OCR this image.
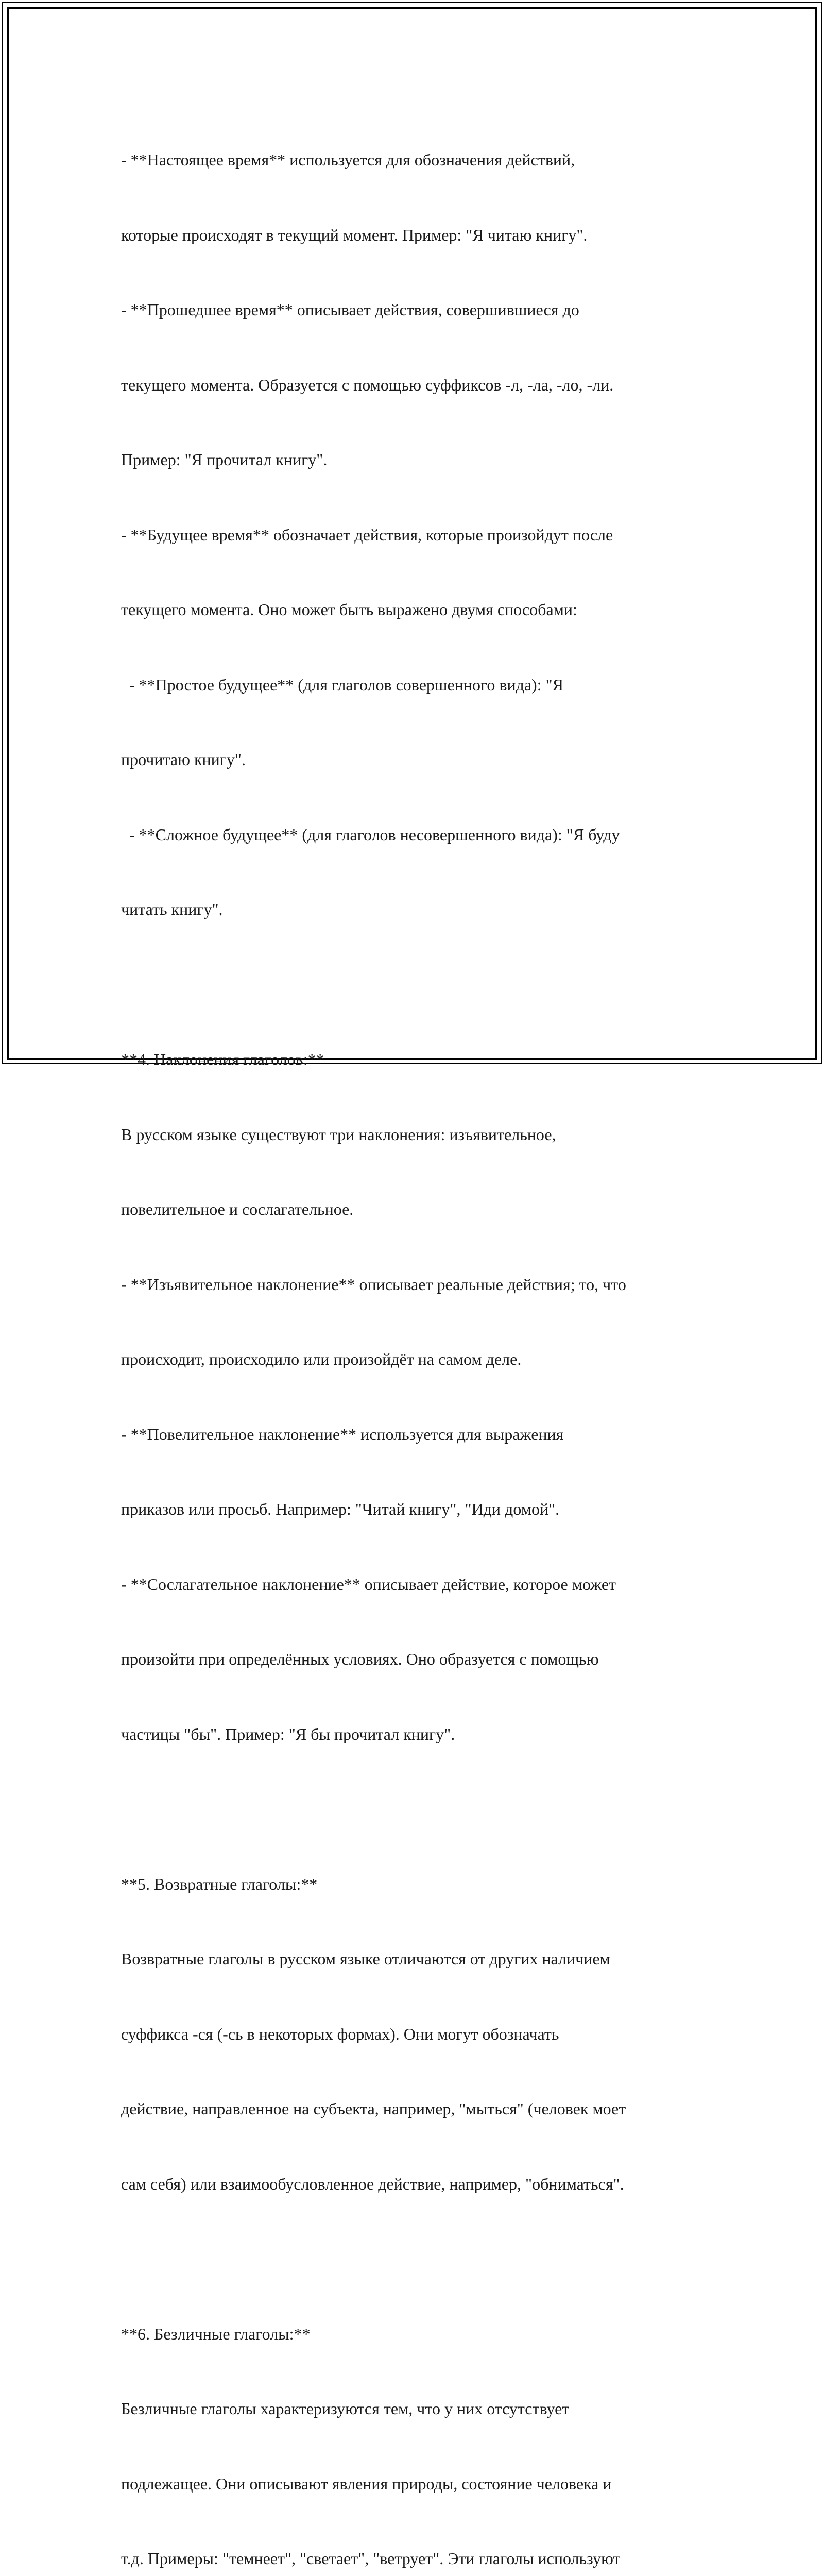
- **Настоящее время** используется для обозначения действий,

которые происходят в текущий момент. Пример: "Я читаю книгу".

- **Прошедшее время** описывает действия, совершившиеся до

текущего момента. Образуется с помощью суффиксов -л, -ла, -ло, -ли.

Пример: "Я прочитал книгу".

- **Будущее время** обозначает действия, которые произойдут после

текущего момента. Оно может быть выражено двумя способами:

- **Простое будущее** (для глаголов совершенного вида): "Я

прочитаю книгу".

- **Сложное будущее** (для глаголов несовершенного вида): "Я буду

читать книгу".

**4. Наклонения глаголов:**

В русском языке существуют три наклонения: изъявительное,

повелительное и сослагательное.

- **Изъявительное наклонение** описывает реальные действия; то, что

происходит, происходило или произойдёт на самом деле.

- **Повелительное наклонение** используется для выражения

приказов или просьб. Например: "Читай книгу", "Иди домой".

- **Сослагательное наклонение** описывает действие, которое может

произойти при определённых условиях. Оно образуется с помощью

частицы "бы". Пример: "Я бы прочитал книгу".

**5. Возвратные глаголы:**

Возвратные глаголы в русском языке отличаются от других наличием

суффикса -ся (-сь в некоторых формах). Они могут обозначать

действие, направленное на субъекта, например, "мыться" (человек моет

сам себя) или взаимообусловленное действие, например, "обниматься".

**6. Безличные глаголы:**

Безличные глаголы характеризуются тем, что у них отсутствует

подлежащее. Они описывают явления природы, состояние человека и

т.д. Примеры: "темнеет", "светает", "ветрует". Эти глаголы используют
